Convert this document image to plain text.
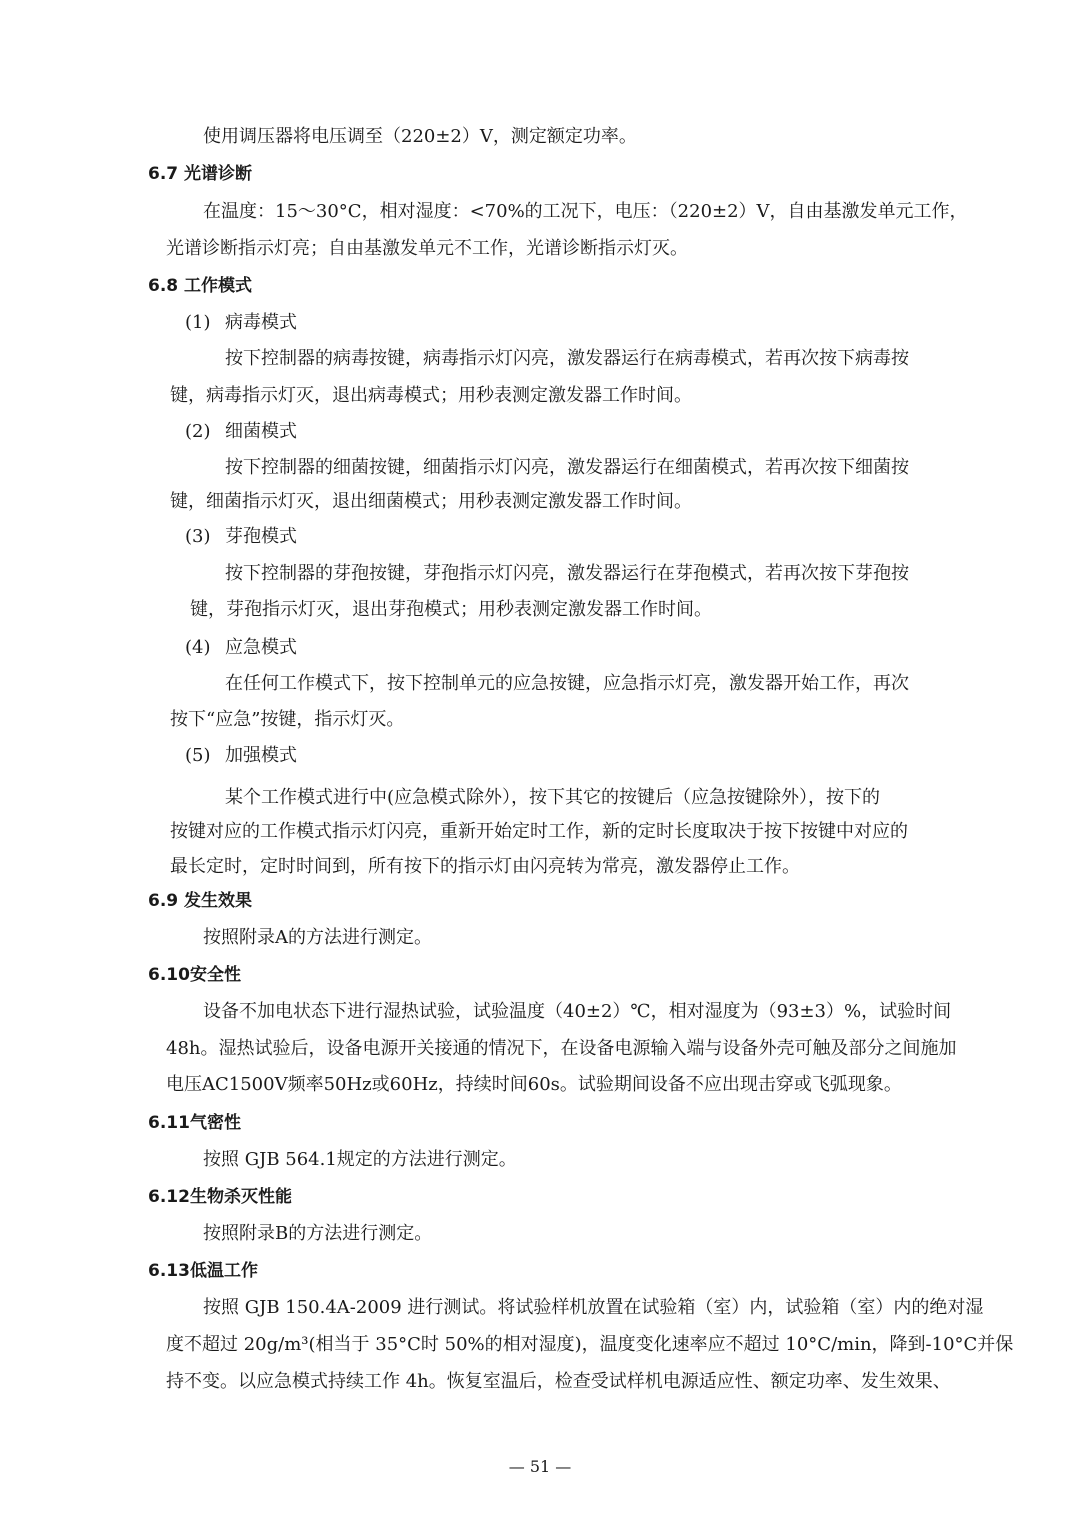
使用调压器将电压调至（220±2）V，测定额定功率。
6.7 光谱诊断
在温度：15～30°C，相对湿度：<70%的工况下，电压：（220±2）V，自由基激发单元工作，
光谱诊断指示灯亮；自由基激发单元不工作，光谱诊断指示灯灭。
6.8 工作模式
(1) 病毒模式
按下控制器的病毒按键，病毒指示灯闪亮，激发器运行在病毒模式，若再次按下病毒按
键，病毒指示灯灭，退出病毒模式；用秒表测定激发器工作时间。
(2) 细菌模式
按下控制器的细菌按键，细菌指示灯闪亮，激发器运行在细菌模式，若再次按下细菌按
键，细菌指示灯灭，退出细菌模式；用秒表测定激发器工作时间。
(3) 芽孢模式
按下控制器的芽孢按键，芽孢指示灯闪亮，激发器运行在芽孢模式，若再次按下芽孢按
键，芽孢指示灯灭，退出芽孢模式；用秒表测定激发器工作时间。
(4) 应急模式
在任何工作模式下，按下控制单元的应急按键，应急指示灯亮，激发器开始工作，再次
按下“应急”按键，指示灯灭。
(5) 加强模式
某个工作模式进行中(应急模式除外），按下其它的按键后（应急按键除外），按下的
按键对应的工作模式指示灯闪亮，重新开始定时工作，新的定时长度取决于按下按键中对应的
最长定时，定时时间到，所有按下的指示灯由闪亮转为常亮，激发器停止工作。
6.9 发生效果
按照附录A的方法进行测定。
6.10安全性
设备不加电状态下进行湿热试验，试验温度（40±2）℃，相对湿度为（93±3）%，试验时间
48h。湿热试验后，设备电源开关接通的情况下，在设备电源输入端与设备外壳可触及部分之间施加
电压AC1500V频率50Hz或60Hz，持续时间60s。试验期间设备不应出现击穿或飞弧现象。
6.11气密性
按照 GJB 564.1规定的方法进行测定。
6.12生物杀灭性能
按照附录B的方法进行测定。
6.13低温工作
按照 GJB 150.4A-2009 进行测试。将试验样机放置在试验箱（室）内，试验箱（室）内的绝对湿
度不超过 20g/m³(相当于 35°C时 50%的相对湿度)，温度变化速率应不超过 10°C/min，降到-10°C并保
持不变。以应急模式持续工作 4h。恢复室温后，检查受试样机电源适应性、额定功率、发生效果、
— 51 —
